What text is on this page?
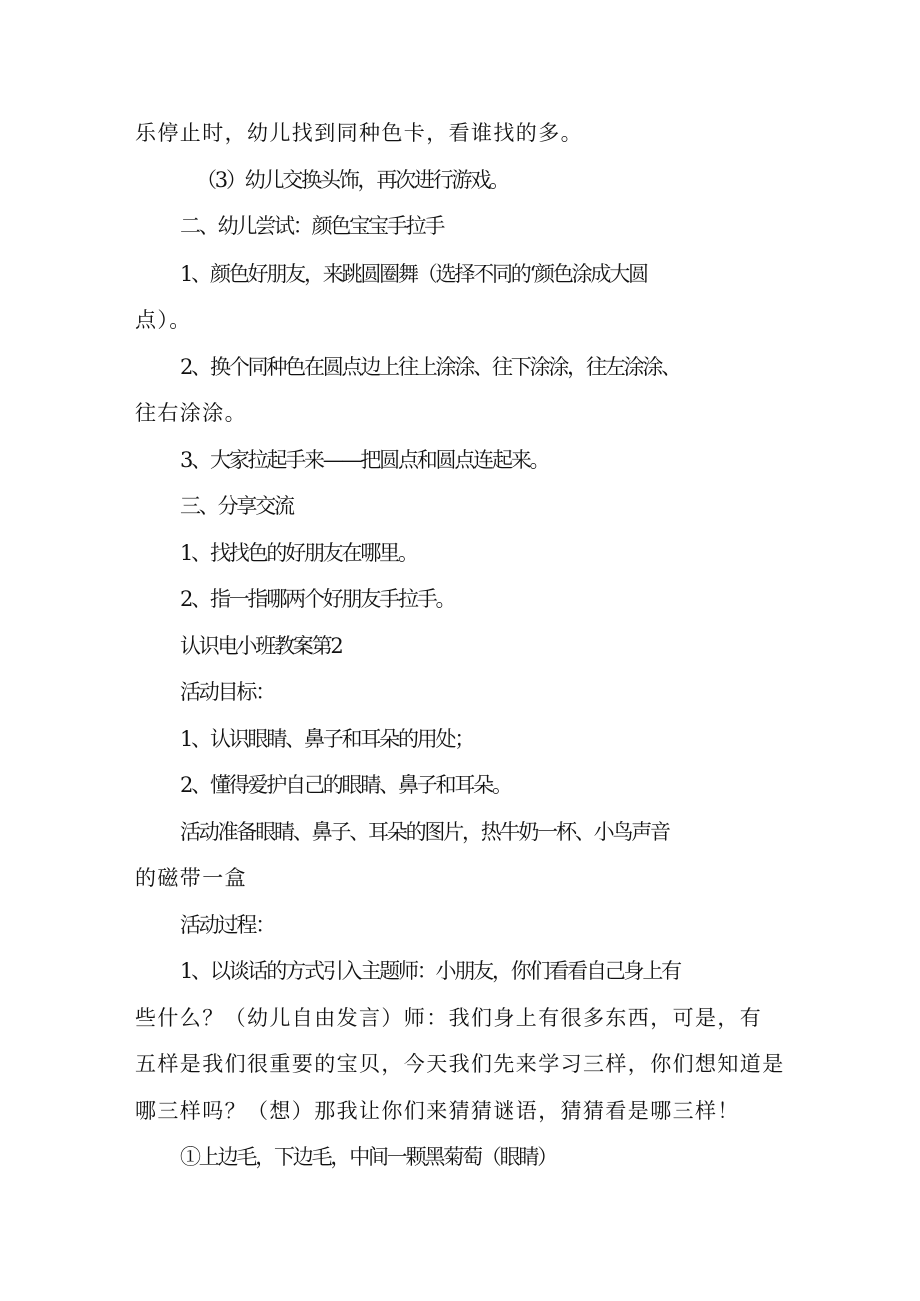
乐停止时，幼儿找到同种色卡，看谁找的多。

（3）幼儿交换头饰，再次进行游戏。

二、幼儿尝试：颜色宝宝手拉手

1、颜色好朋友，来跳圆圈舞（选择不同的‘颜色涂成大圆

点）。

2、换个同种色在圆点边上往上涂涂、往下涂涂，往左涂涂、

往右涂涂。

3、大家拉起手来——把圆点和圆点连起来。

三、分享交流

1、找找色的好朋友在哪里。

2、指一指哪两个好朋友手拉手。

认识电小班教案第2

活动目标：

1、认识眼睛、鼻子和耳朵的用处；

2、懂得爱护自己的眼睛、鼻子和耳朵。

活动准备眼睛、鼻子、耳朵的图片，热牛奶一杯、小鸟声音

的磁带一盒

活动过程：

1、以谈话的方式引入主题师：小朋友，你们看看自己身上有

些什么？（幼儿自由发言）师：我们身上有很多东西，可是，有

五样是我们很重要的宝贝，今天我们先来学习三样，你们想知道是

哪三样吗？（想）那我让你们来猜猜谜语，猜猜看是哪三样！

①上边毛，下边毛，中间一颗黑菊萄（眼睛）
